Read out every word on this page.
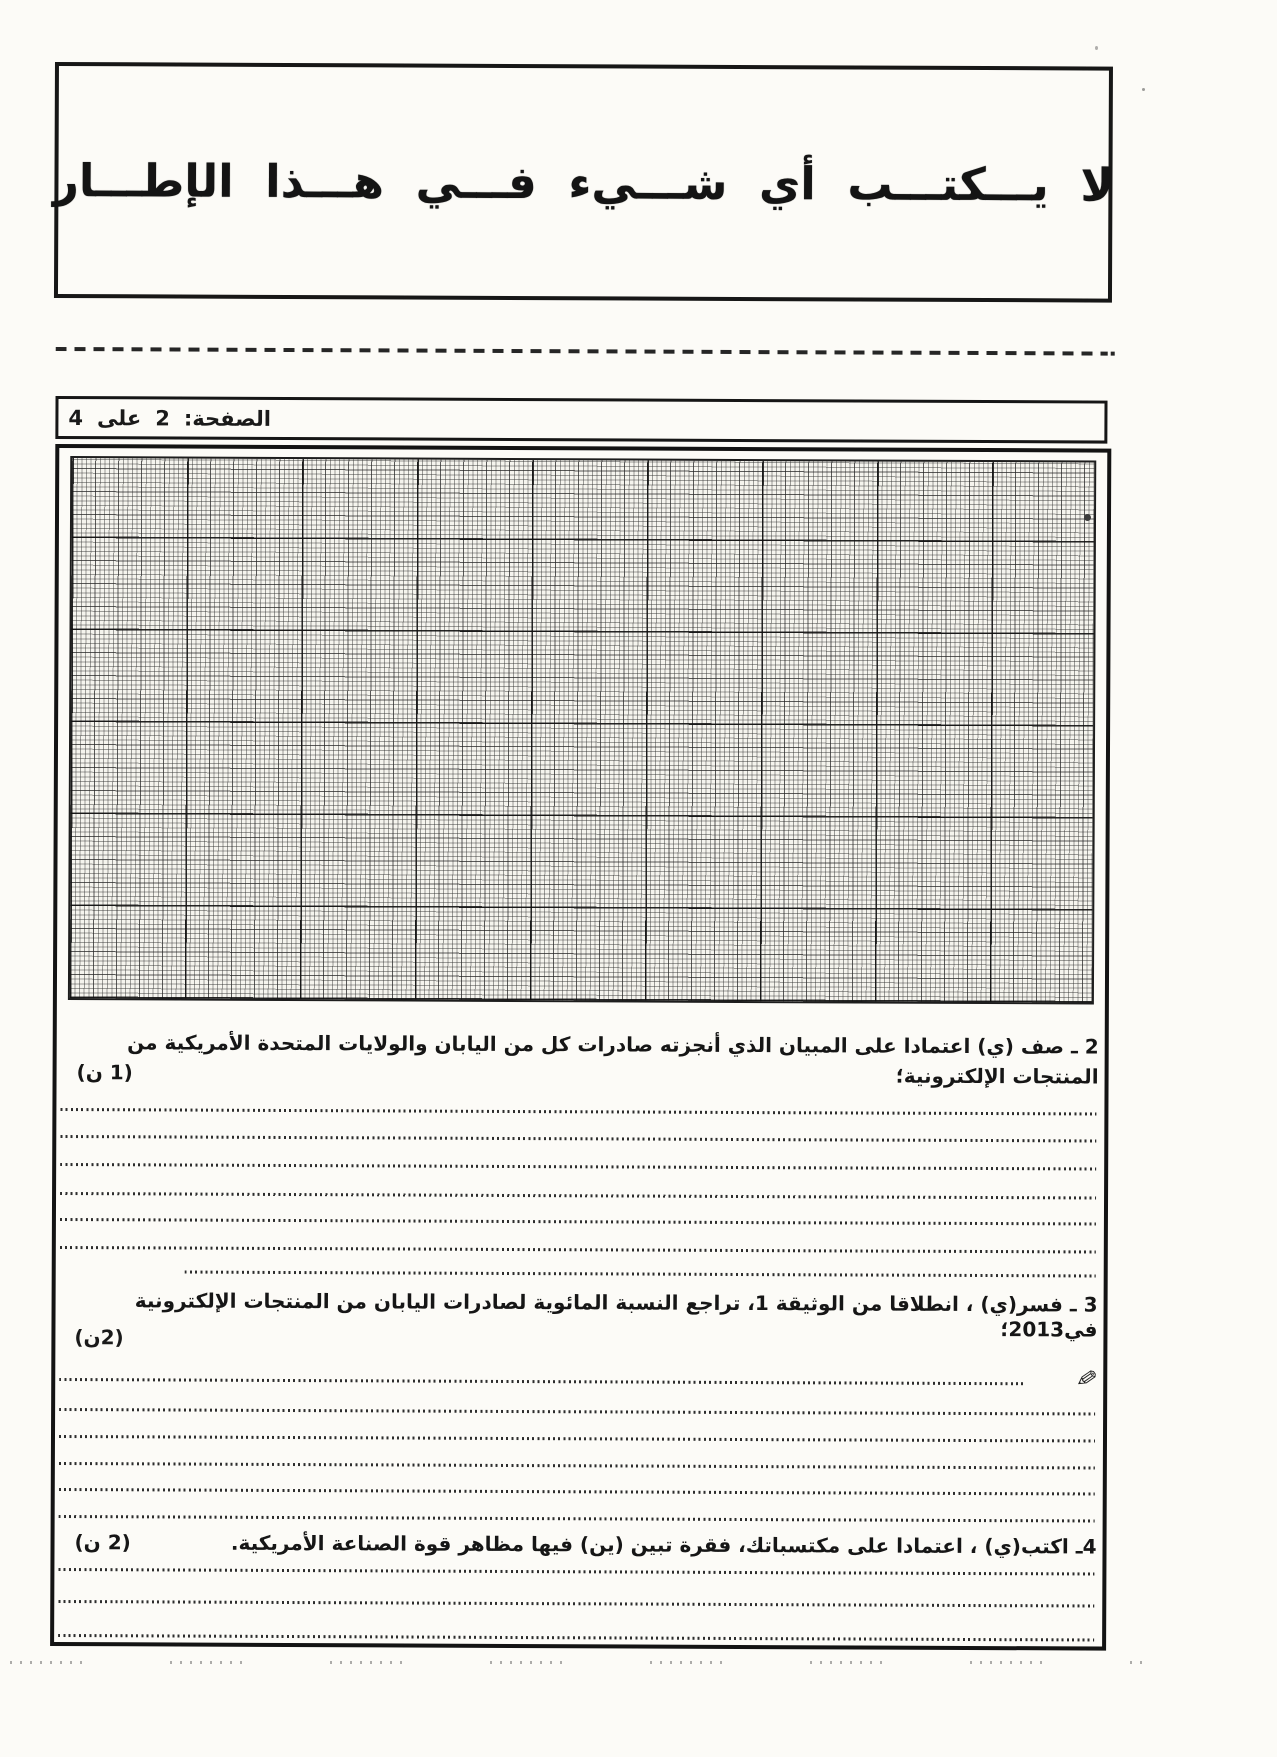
لا يـــكتـــب أي شـــيء فـــي هـــذا الإطـــار
الصفحة:
2
على
4
2 ـ صف (ي) اعتمادا على المبيان الذي أنجزته صادرات كل من اليابان والولايات المتحدة الأمريكية من
المنتجات الإلكترونية؛
(1 ن)
3 ـ فسر(ي) ، انطلاقا من الوثيقة 1، تراجع النسبة المائوية لصادرات اليابان من المنتجات الإلكترونية في2013؛
(2ن)
✎
4ـ اكتب(ي) ، اعتمادا على مكتسباتك، فقرة تبين (ين) فيها مظاهر قوة الصناعة الأمريكية.
(2 ن)
